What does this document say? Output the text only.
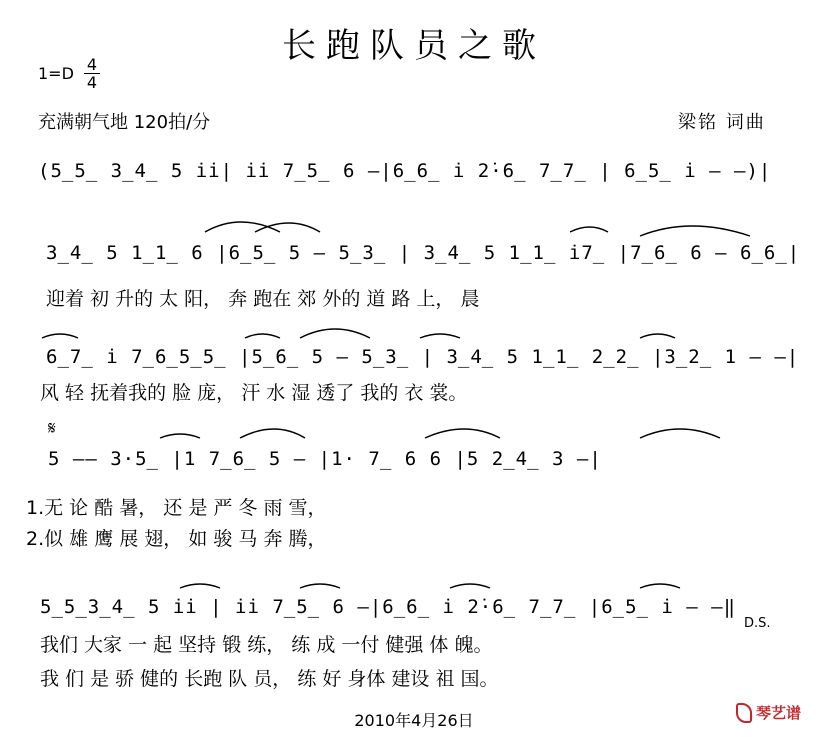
长跑队员之歌
1=D 4
4
充满朝气地 120拍/分	梁铭 词曲
(5̲5̲ 3̲4̲ 5 i̇i̇| i̇i̇ 7̲5̲ 6 —|6̲6̲ i̇ 2̇·6̲ 7̲7̲ | 6̲5̲ i̇ — —)|
3̲4̲ 5 1̲1̲ 6 |6̲5̲ 5 — 5̲3̲ | 3̲4̲ 5 1̲1̲ i̇7̲ |7̲6̲ 6 — 6̲6̲|
迎着 初 升的 太 阳， 奔 跑在 郊 外的 道 路 上， 晨
6̲7̲ i̇ 7̲6̲5̲5̲ |5̲6̲ 5 — 5̲3̲ | 3̲4̲ 5 1̲1̲ 2̲2̲ |3̲2̲ 1 — —|
风 轻 抚着我的 脸 庞， 汗 水 湿 透了 我的 衣 裳。
𝄋
5 —— 3·5̲ |1 7̲6̲ 5 — |1· 7̲ 6 6 |5 2̲4̲ 3 —|
1.无 论 酷 暑， 还 是 严 冬 雨 雪，
2.似 雄 鹰 展 翅， 如 骏 马 奔 腾，
5̲5̲3̲4̲ 5 i̇i̇ | i̇i̇ 7̲5̲ 6 —|6̲6̲ i̇ 2̇·6̲ 7̲7̲ |6̲5̲ i̇ — —‖
D.S.
我们 大家 一 起 坚持 锻 练， 练 成 一付 健强 体 魄。
我 们 是 骄 健的 长跑 队 员， 练 好 身体 建设 祖 国。
2010年4月26日	琴艺谱
